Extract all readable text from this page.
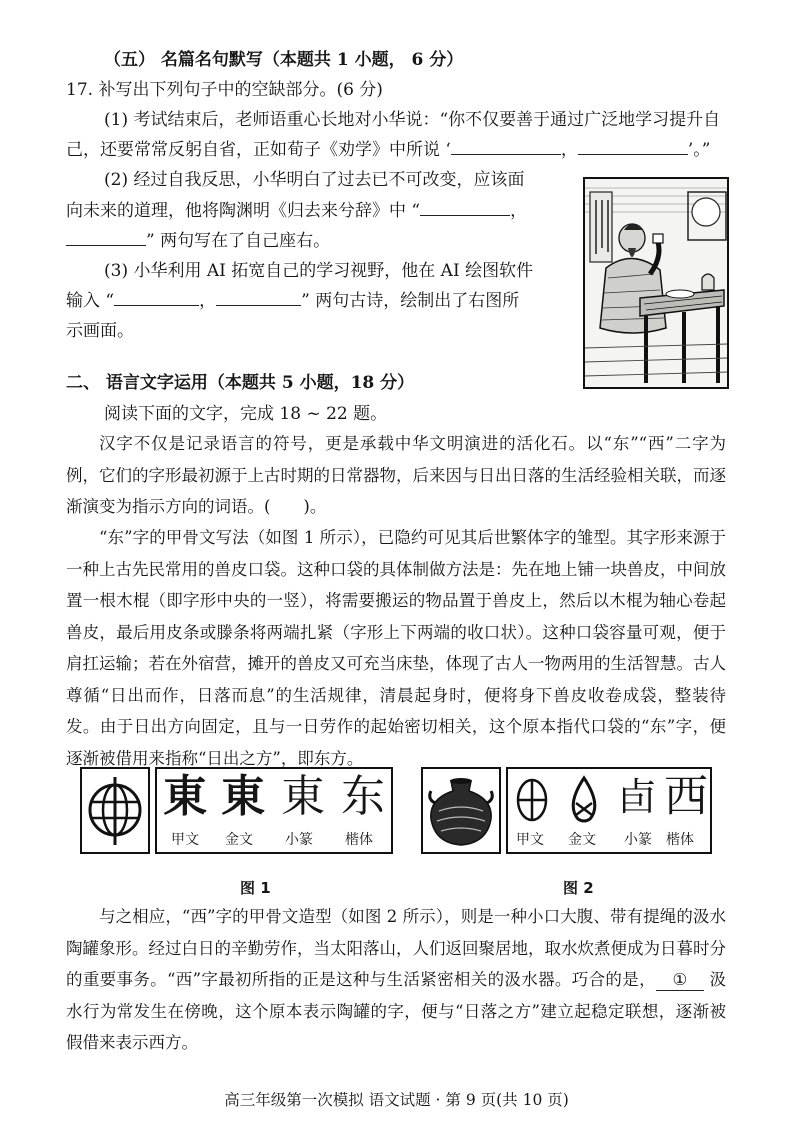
（五） 名篇名句默写（本题共 1 小题， 6 分）
17. 补写出下列句子中的空缺部分。(6 分)
(1) 考试结束后，老师语重心长地对小华说：“你不仅要善于通过广泛地学习提升自
己，还要常常反躬自省，正如荀子《劝学》中所说 ‘	，	’。”
(2) 经过自我反思，小华明白了过去已不可改变，应该面
向未来的道理，他将陶渊明《归去来兮辞》中 “	，
” 两句写在了自己座右。
(3) 小华利用 AI 拓宽自己的学习视野，他在 AI 绘图软件
输入 “	，	” 两句古诗，绘制出了右图所
示画面。
二、 语言文字运用（本题共 5 小题，18 分）
阅读下面的文字，完成 18 ~ 22 题。
汉字不仅是记录语言的符号，更是承载中华文明演进的活化石。以“东”“西”二字为例，它们的字形最初源于上古时期的日常器物，后来因与日出日落的生活经验相关联，而逐渐演变为指示方向的词语。(　　)。
“东”字的甲骨文写法（如图 1 所示），已隐约可见其后世繁体字的雏型。其字形来源于一种上古先民常用的兽皮口袋。这种口袋的具体制做方法是：先在地上铺一块兽皮，中间放置一根木棍（即字形中央的一竖），将需要搬运的物品置于兽皮上，然后以木棍为轴心卷起兽皮，最后用皮条或滕条将两端扎紧（字形上下两端的收口状）。这种口袋容量可观，便于肩扛运输；若在外宿营，摊开的兽皮又可充当床垫，体现了古人一物两用的生活智慧。古人尊循“日出而作，日落而息”的生活规律，清晨起身时，便将身下兽皮收卷成袋，整装待发。由于日出方向固定，且与一日劳作的起始密切相关，这个原本指代口袋的“东”字，便逐渐被借用来指称“日出之方”，即东方。
東 東 東 东
甲文 金文 小篆 楷体
图 1
卣 西
甲文 金文 小篆 楷体
图 2
与之相应，“西”字的甲骨文造型（如图 2 所示），则是一种小口大腹、带有提绳的汲水陶罐象形。经过白日的辛勤劳作，当太阳落山，人们返回聚居地，取水炊煮便成为日暮时分的重要事务。“西”字最初所指的正是这种与生活紧密相关的汲水器。巧合的是， ① 汲水行为常发生在傍晚，这个原本表示陶罐的字，便与“日落之方”建立起稳定联想，逐渐被假借来表示西方。
高三年级第一次模拟 语文试题 · 第 9 页(共 10 页)
